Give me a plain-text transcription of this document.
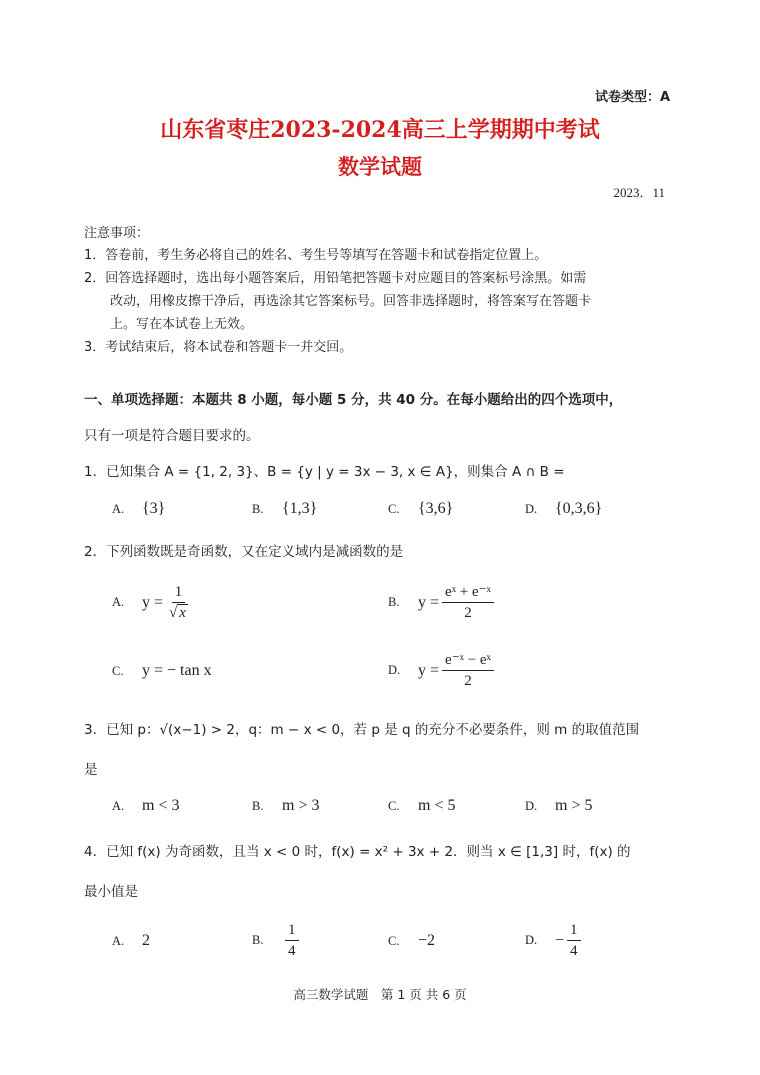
试卷类型：A
山东省枣庄2023-2024高三上学期期中考试
数学试题
2023．11
注意事项：
1．答卷前，考生务必将自己的姓名、考生号等填写在答题卡和试卷指定位置上。
2．回答选择题时，选出每小题答案后，用铅笔把答题卡对应题目的答案标号涂黑。如需
改动，用橡皮擦干净后，再选涂其它答案标号。回答非选择题时，将答案写在答题卡
上。写在本试卷上无效。
3．考试结束后，将本试卷和答题卡一并交回。
一、单项选择题：本题共 8 小题，每小题 5 分，共 40 分。在每小题给出的四个选项中，
只有一项是符合题目要求的。
1．已知集合 A = {1, 2, 3}、B = {y | y = 3x − 3, x ∈ A}，则集合 A ∩ B =
A.	{3}	B.	{1,3}	C.	{3,6}	D.	{0,3,6}
2．下列函数既是奇函数，又在定义域内是减函数的是
A.	$y = \frac{1}{√ x}$	B.	$y = \frac{\text{eˣ + e⁻ˣ}}{2}$
C.	y = − tan x	D.	$y = \frac{\text{e⁻ˣ − eˣ}}{2}$
3．已知 p：√(x−1) > 2，q：m − x < 0，若 p 是 q 的充分不必要条件，则 m 的取值范围
是
A.	m < 3	B.	m > 3	C.	m < 5	D.	m > 5
4．已知 f(x) 为奇函数，且当 x < 0 时，f(x) = x² + 3x + 2．则当 x ∈ [1,3] 时，f(x) 的
最小值是
A.	2	B.	$\frac{1}{4}$	C.	−2	D.	− $\frac{1}{4}$
高三数学试题　第 1 页 共 6 页
